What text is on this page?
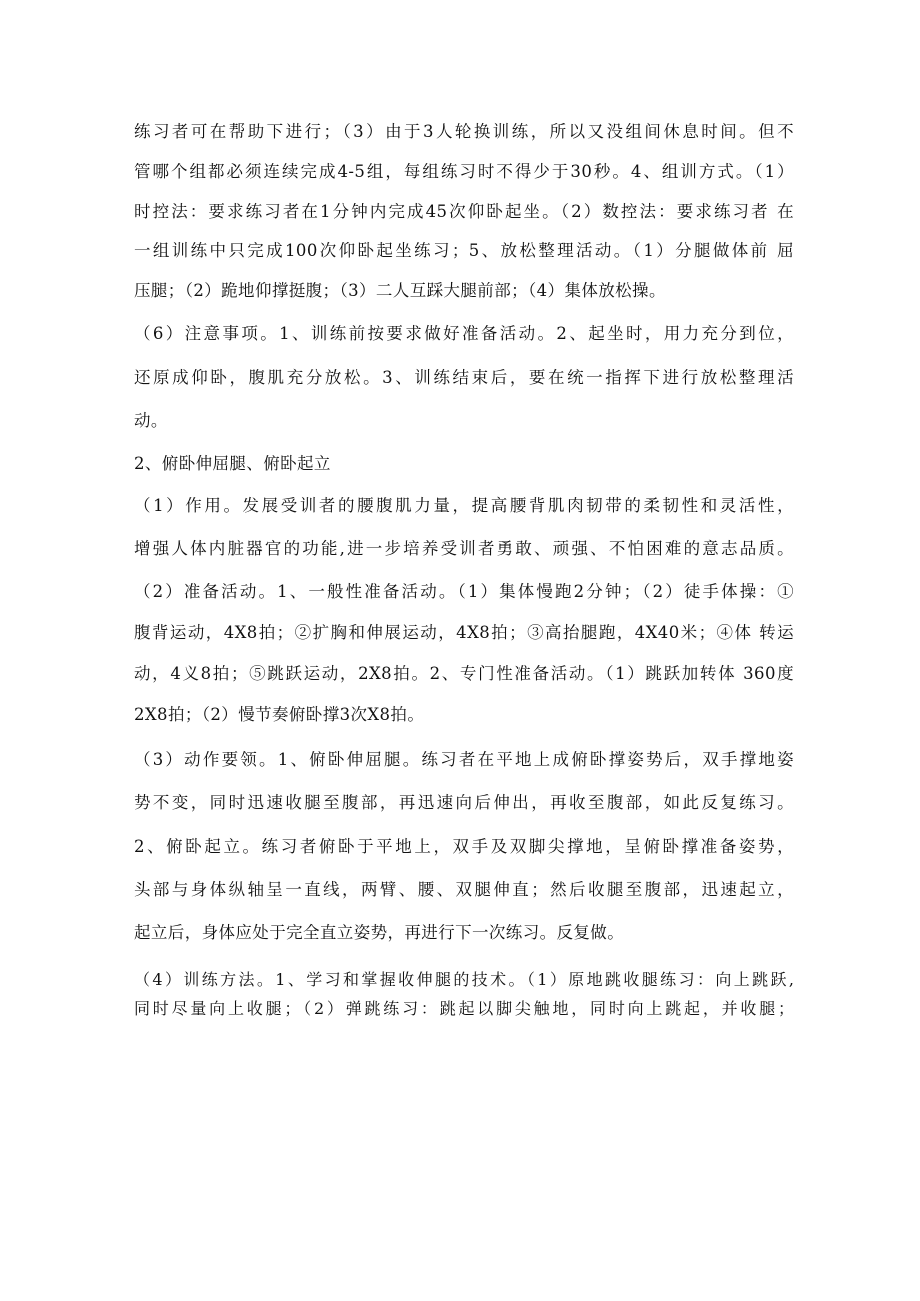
练习者可在帮助下进行；（3）由于3人轮换训练，所以又没组间休息时间。但不
管哪个组都必须连续完成4-5组，每组练习时不得少于30秒。4、组训方式。（1）
时控法：要求练习者在1分钟内完成45次仰卧起坐。（2）数控法：要求练习者 在
一组训练中只完成100次仰卧起坐练习；5、放松整理活动。（1）分腿做体前 屈
压腿；（2）跪地仰撑挺腹；（3）二人互踩大腿前部；（4）集体放松操。
（6）注意事项。1、训练前按要求做好准备活动。2、起坐时，用力充分到位，
还原成仰卧，腹肌充分放松。3、训练结束后，要在统一指挥下进行放松整理活
动。
2、俯卧伸屈腿、俯卧起立
（1）作用。发展受训者的腰腹肌力量，提高腰背肌肉韧带的柔韧性和灵活性，
增强人体内脏器官的功能,进一步培养受训者勇敢、顽强、不怕困难的意志品质。
（2）准备活动。1、一般性准备活动。（1）集体慢跑2分钟；（2）徒手体操：①
腹背运动，4X8拍；②扩胸和伸展运动，4X8拍；③高抬腿跑，4X40米；④体 转运
动，4义8拍；⑤跳跃运动，2X8拍。2、专门性准备活动。（1）跳跃加转体 360度
2X8拍；（2）慢节奏俯卧撑3次X8拍。
（3）动作要领。1、俯卧伸屈腿。练习者在平地上成俯卧撑姿势后，双手撑地姿
势不变，同时迅速收腿至腹部，再迅速向后伸出，再收至腹部，如此反复练习。
2、俯卧起立。练习者俯卧于平地上，双手及双脚尖撑地，呈俯卧撑准备姿势，
头部与身体纵轴呈一直线，两臂、腰、双腿伸直；然后收腿至腹部，迅速起立，
起立后，身体应处于完全直立姿势，再进行下一次练习。反复做。
（4）训练方法。1、学习和掌握收伸腿的技术。（1）原地跳收腿练习：向上跳跃,
同时尽量向上收腿；（2）弹跳练习：跳起以脚尖触地，同时向上跳起，并收腿；
